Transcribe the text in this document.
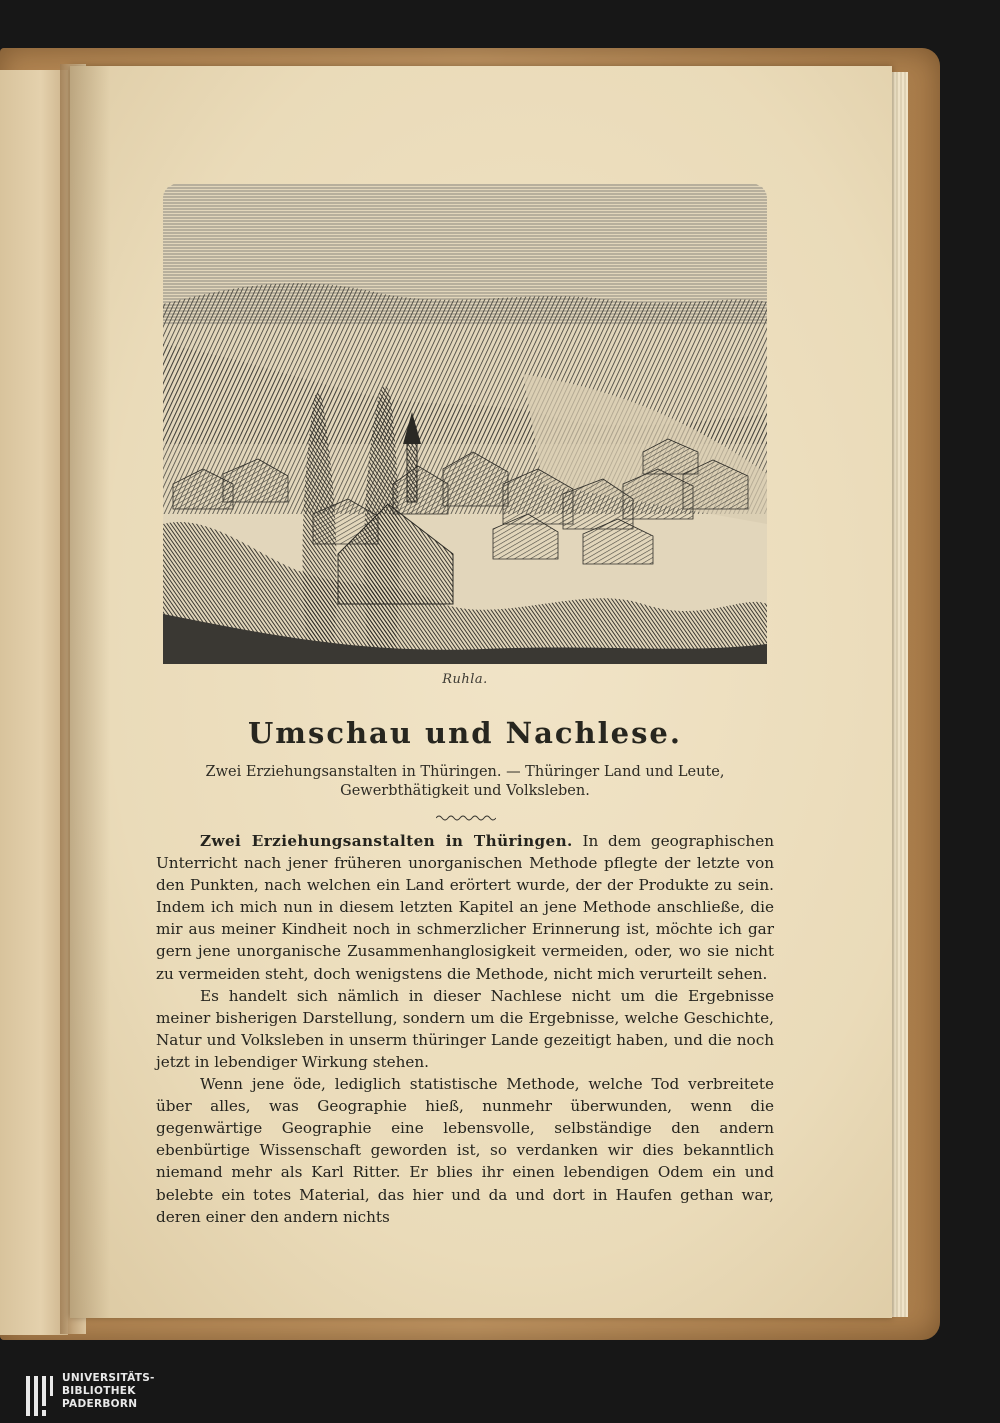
Ruhla.
Umschau und Nachlese.
Zwei Erziehungsanstalten in Thüringen. — Thüringer Land und Leute, Gewerbthätigkeit und Volksleben.

Zwei Erziehungsanstalten in Thüringen. In dem geographischen Unterricht nach jener früheren unorganischen Methode pflegte der letzte von den Punkten, nach welchen ein Land erörtert wurde, der der Produkte zu sein. Indem ich mich nun in diesem letzten Kapitel an jene Methode anschließe, die mir aus meiner Kindheit noch in schmerzlicher Erinnerung ist, möchte ich gar gern jene unorganische Zusammenhanglosigkeit vermeiden, oder, wo sie nicht zu vermeiden steht, doch wenigstens die Methode, nicht mich verurteilt sehen.

Es handelt sich nämlich in dieser Nachlese nicht um die Ergebnisse meiner bisherigen Darstellung, sondern um die Ergebnisse, welche Geschichte, Natur und Volksleben in unserm thüringer Lande gezeitigt haben, und die noch jetzt in lebendiger Wirkung stehen.

Wenn jene öde, lediglich statistische Methode, welche Tod verbreitete über alles, was Geographie hieß, nunmehr überwunden, wenn die gegenwärtige Geographie eine lebensvolle, selbständige den andern ebenbürtige Wissenschaft geworden ist, so verdanken wir dies bekanntlich niemand mehr als Karl Ritter. Er blies ihr einen lebendigen Odem ein und belebte ein totes Material, das hier und da und dort in Haufen gethan war, deren einer den andern nichts

UNIVERSITÄTS-
BIBLIOTHEK
PADERBORN
